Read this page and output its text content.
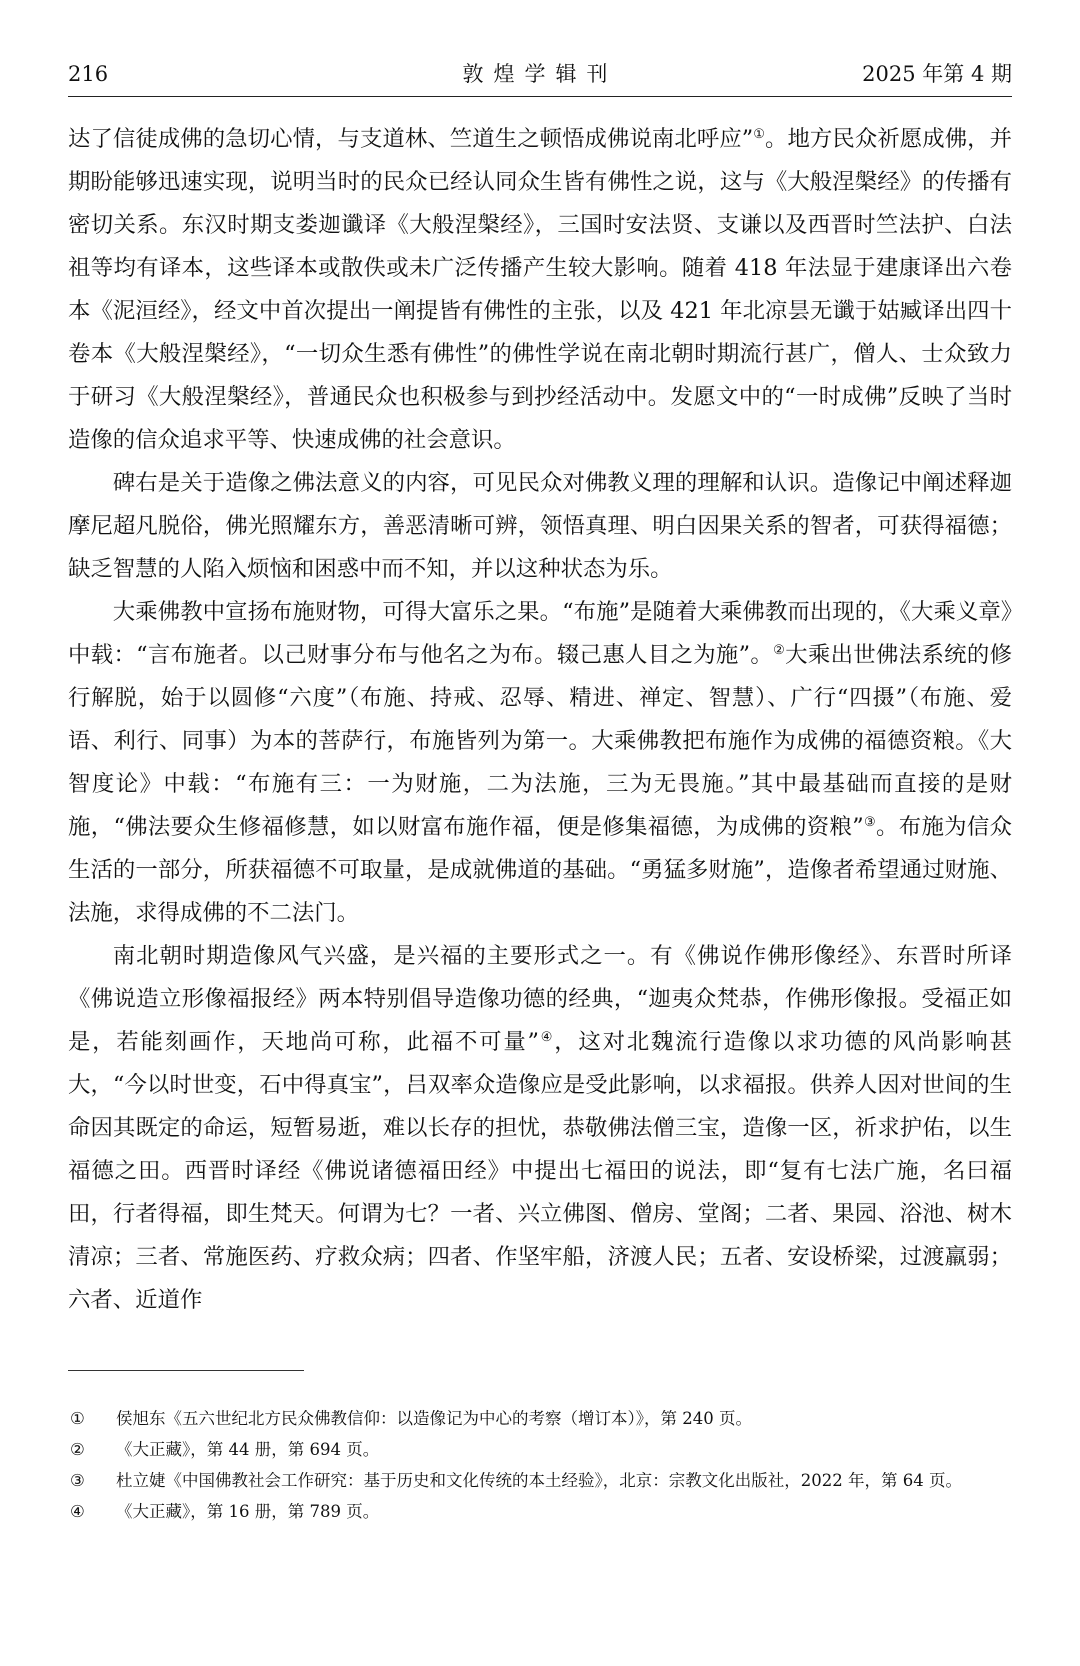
216	敦煌学辑刊	2025 年第 4 期

达了信徒成佛的急切心情，与支道林、竺道生之顿悟成佛说南北呼应”①。地方民众祈愿成佛，并期盼能够迅速实现，说明当时的民众已经认同众生皆有佛性之说，这与《大般涅槃经》的传播有密切关系。东汉时期支娄迦谶译《大般涅槃经》，三国时安法贤、支谦以及西晋时竺法护、白法祖等均有译本，这些译本或散佚或未广泛传播产生较大影响。随着 418 年法显于建康译出六卷本《泥洹经》，经文中首次提出一阐提皆有佛性的主张，以及 421 年北凉昙无谶于姑臧译出四十卷本《大般涅槃经》，“一切众生悉有佛性”的佛性学说在南北朝时期流行甚广，僧人、士众致力于研习《大般涅槃经》，普通民众也积极参与到抄经活动中。发愿文中的“一时成佛”反映了当时造像的信众追求平等、快速成佛的社会意识。

碑右是关于造像之佛法意义的内容，可见民众对佛教义理的理解和认识。造像记中阐述释迦摩尼超凡脱俗，佛光照耀东方，善恶清晰可辨，领悟真理、明白因果关系的智者，可获得福德；缺乏智慧的人陷入烦恼和困惑中而不知，并以这种状态为乐。

大乘佛教中宣扬布施财物，可得大富乐之果。“布施”是随着大乘佛教而出现的，《大乘义章》中载：“言布施者。以己财事分布与他名之为布。辍己惠人目之为施”。②大乘出世佛法系统的修行解脱，始于以圆修“六度”（布施、持戒、忍辱、精进、禅定、智慧）、广行“四摄”（布施、爱语、利行、同事）为本的菩萨行，布施皆列为第一。大乘佛教把布施作为成佛的福德资粮。《大智度论》中载：“布施有三：一为财施，二为法施，三为无畏施。”其中最基础而直接的是财施，“佛法要众生修福修慧，如以财富布施作福，便是修集福德，为成佛的资粮”③。布施为信众生活的一部分，所获福德不可取量，是成就佛道的基础。“勇猛多财施”，造像者希望通过财施、法施，求得成佛的不二法门。

南北朝时期造像风气兴盛，是兴福的主要形式之一。有《佛说作佛形像经》、东晋时所译《佛说造立形像福报经》两本特别倡导造像功德的经典，“迦夷众梵恭，作佛形像报。受福正如是，若能刻画作，天地尚可称，此福不可量”④，这对北魏流行造像以求功德的风尚影响甚大，“今以时世变，石中得真宝”，吕双率众造像应是受此影响，以求福报。供养人因对世间的生命因其既定的命运，短暂易逝，难以长存的担忧，恭敬佛法僧三宝，造像一区，祈求护佑，以生福德之田。西晋时译经《佛说诸德福田经》中提出七福田的说法，即“复有七法广施，名曰福田，行者得福，即生梵天。何谓为七？一者、兴立佛图、僧房、堂阁；二者、果园、浴池、树木清凉；三者、常施医药、疗救众病；四者、作坚牢船，济渡人民；五者、安设桥梁，过渡羸弱；六者、近道作

① 侯旭东《五六世纪北方民众佛教信仰：以造像记为中心的考察（增订本）》，第 240 页。
② 《大正藏》，第 44 册，第 694 页。
③ 杜立婕《中国佛教社会工作研究：基于历史和文化传统的本土经验》，北京：宗教文化出版社，2022 年，第 64 页。
④ 《大正藏》，第 16 册，第 789 页。
